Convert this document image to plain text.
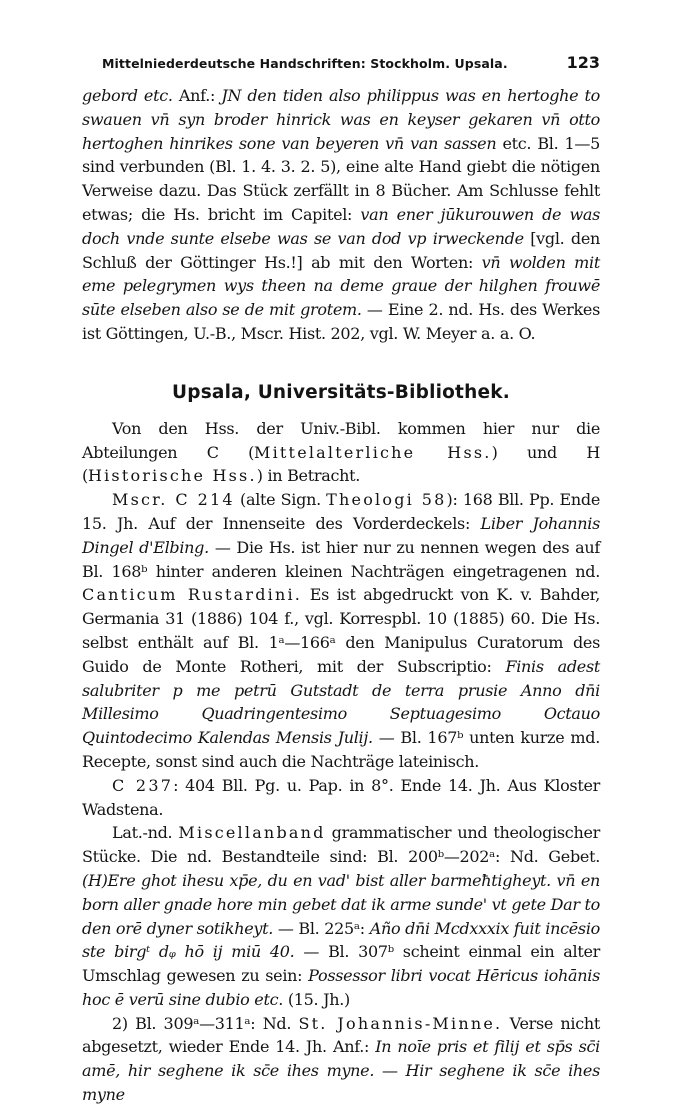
Mittelniederdeutsche Handschriften: Stockholm. Upsala.	123

gebord etc. Anf.: JN den tiden also philippus was en hertoghe to swauen vn̄ syn broder hinrick was en keyser gekaren vn̄ otto hertoghen hinrikes sone van beyeren vn̄ van sassen etc. Bl. 1—5 sind verbunden (Bl. 1. 4. 3. 2. 5), eine alte Hand giebt die nötigen Verweise dazu. Das Stück zerfällt in 8 Bücher. Am Schlusse fehlt etwas; die Hs. bricht im Capitel: van ener jūkurouwen de was doch vnde sunte elsebe was se van dod vp irweckende [vgl. den Schluß der Göttinger Hs.!] ab mit den Worten: vn̄ wolden mit eme pelegrymen wys theen na deme graue der hilghen frouwē sūte elseben also se de mit grotem. — Eine 2. nd. Hs. des Werkes ist Göttingen, U.-B., Mscr. Hist. 202, vgl. W. Meyer a. a. O.

Upsala, Universitäts-Bibliothek.

Von den Hss. der Univ.-Bibl. kommen hier nur die Abteilungen C (Mittelalterliche Hss.) und H (Historische Hss.) in Betracht.

Mscr. C 214 (alte Sign. Theologi 58): 168 Bll. Pp. Ende 15. Jh. Auf der Innenseite des Vorderdeckels: Liber Johannis Dingel d'Elbing. — Die Hs. ist hier nur zu nennen wegen des auf Bl. 168ᵇ hinter anderen kleinen Nachträgen eingetragenen nd. Canticum Rustardini. Es ist abgedruckt von K. v. Bahder, Germania 31 (1886) 104 f., vgl. Korrespbl. 10 (1885) 60. Die Hs. selbst enthält auf Bl. 1ᵃ—166ᵃ den Manipulus Curatorum des Guido de Monte Rotheri, mit der Subscriptio: Finis adest salubriter p me petrū Gutstadt de terra prusie Anno dn̄i Millesimo Quadringentesimo Septuagesimo Octauo Quintodecimo Kalendas Mensis Julij. — Bl. 167ᵇ unten kurze md. Recepte, sonst sind auch die Nachträge lateinisch.

C 237: 404 Bll. Pg. u. Pap. in 8°. Ende 14. Jh. Aus Kloster Wadstena.

Lat.-nd. Miscellanband grammatischer und theologischer Stücke. Die nd. Bestandteile sind: Bl. 200ᵇ—202ᵃ: Nd. Gebet. (H)Ere ghot ihesu xp̄e, du en vad' bist aller barmeħtigheyt. vn̄ en born aller gnade hore min gebet dat ik arme sunde' vt gete Dar to den orē dyner sotikheyt. — Bl. 225ᵃ: Año dn̄i Mcdxxxix fuit incēsio ste birgᵗ dᵩ hō ij miū 40. — Bl. 307ᵇ scheint einmal ein alter Umschlag gewesen zu sein: Possessor libri vocat Hēricus iohānis hoc ē verū sine dubio etc. (15. Jh.)

2) Bl. 309ᵃ—311ᵃ: Nd. St. Johannis-Minne. Verse nicht abgesetzt, wieder Ende 14. Jh. Anf.: In noīe pris et filij et sp̄s sc̄i amē, hir seghene ik sc̄e ihes myne. — Hir seghene ik sc̄e ihes myne
